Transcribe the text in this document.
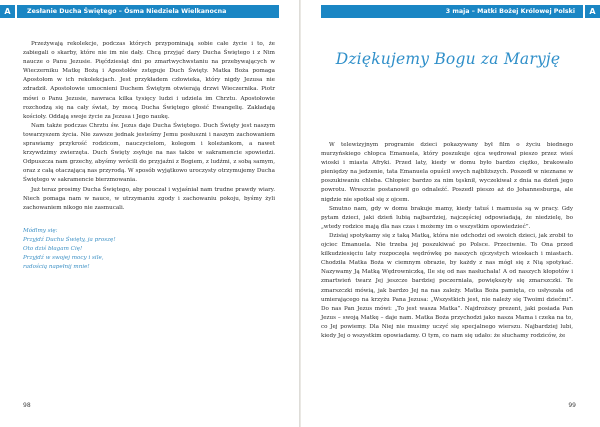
A	Zesłanie Ducha Świętego – Ósma Niedziela Wielkanocna

Przeżywają rekolekcje, podczas których przypominają sobie całe życie i to, że zabiegali o skarby, które nie im nie dały. Chcą przyjąć dary Ducha Świętego i z Nim naucze o Panu Jezusie. Pięćdziesiąt dni po zmartwychwstaniu na przebywających w Wieczerniku Matkę Bożą i Apostołów zstępuje Duch Święty. Matka Boża pomaga Apostołom w ich rekolekcjach. Jest przykładem człowieka, który nigdy Jezusa nie zdradził. Apostołowie umocnieni Duchem Świętym otwierają drzwi Wieczernika. Piotr mówi o Panu Jezusie, nawraca kilka tysięcy ludzi i udziela im Chrztu. Apostołowie rozchodzą się na cały świat, by mocą Ducha Świętego głosić Ewangelię. Zakładają kościoły. Oddają swoje życie za Jezusa i Jego naukę.

Nam także podczas Chrztu św. Jezus daje Ducha Świętego. Duch Święty jest naszym towarzyszem życia. Nie zawsze jednak jesteśmy Jemu posłuszni i naszym zachowaniem sprawiamy przykrość rodzicom, nauczycielom, kolegom i koleżankom, a nawet krzywdzimy zwierzęta. Duch Święty zsyłuje na nas także w sakramencie spowiedzi. Odpuszcza nam grzechy, abyśmy wrócili do przyjaźni z Bogiem, z ludźmi, z sobą samym, oraz z całą otaczającą nas przyrodą. W sposób wyjątkowo uroczysty otrzymujemy Ducha Świętego w sakramencie bierzmowania.

Już teraz prosimy Ducha Świętego, aby pouczał i wyjaśniał nam trudne prawdy wiary. Niech pomaga nam w nauce, w utrzymaniu zgody i zachowaniu pokoju, byśmy żyli zachowaniem nikogo nie zasmucali.

Módlmy się:
Przyjdź Duchu Święty, ja proszę!
Oto dziś błagam Cię!
Przyjdź w swojej mocy i sile,
radością napełnij mnie!
98
3 maja – Matki Bożej Królowej Polski	A
Dziękujemy Bogu za Maryję

W telewizyjnym programie dzieci pokazywany był film o życiu biednego murzyńskiego chłopca Emanuela, który poszukuje ojca wędrował pieszo przez wieś wioski i miasta Afryki. Przed laty, kiedy w domu było bardzo ciężko, brakowało pieniędzy na jedzenie, tata Emanuela opuścił swych najbliższych. Poszedł w nieznane w poszukiwaniu chleba. Chłopiec bardzo za nim tęsknił, wyczekiwał z dnia na dzień jego powrotu. Wreszcie postanowił go odnaleźć. Poszedł pieszo aż do Johannesburga, ale nigdzie nie spotkał się z ojcem.

Smutno nam, gdy w domu brakuje mamy, kiedy tatuś i mamusia są w pracy. Gdy pytam dzieci, jaki dzień lubią najbardziej, najczęściej odpowiadają, że niedzielę, bo „wtedy rodzice mają dla nas czas i możemy im o wszystkim opowiedzieć”.

Dzisiaj spotykamy się z taką Matką, która nie odchodzi od swoich dzieci, jak zrobił to ojciec Emanuela. Nie trzeba jej poszukiwać po Polsce. Przeciwnie. To Ona przed kilkudziesięciu laty rozpoczęła wędrówkę po naszych ojczystych wioskach i miastach. Chodziła Matka Boża w ciemnym obrazie, by każdy z nas mógł się z Nią spotykać. Nazywamy Ją Matką Wędrowniczką, Ile się od nas nasłuchała! A od naszych kłopotów i zmartwień twarz Jej jeszcze bardziej poczerniała, powiększyły się zmarszczki. Te zmarszczki mówią, jak bardzo Jej na nas zależy. Matka Boża pamięta, co usłyszała od umierającego na krzyżu Pana Jezusa: „Wszystkich jest, nie należy się Twoimi dziećmi”. Do nas Pan Jezus mówi: „To jest wasza Matka”. Najdroższy prezent, jaki posiada Pan Jezus – swoją Matkę – daje nam. Matka Boża przychodzi jako nasza Mama i czeka na to, co Jej powiemy. Dla Niej nie musimy uczyć się specjalnego wierszu. Najbardziej lubi, kiedy Jej o wszystkim opowiadamy. O tym, co nam się udało: że słuchamy rodziców, że

99
